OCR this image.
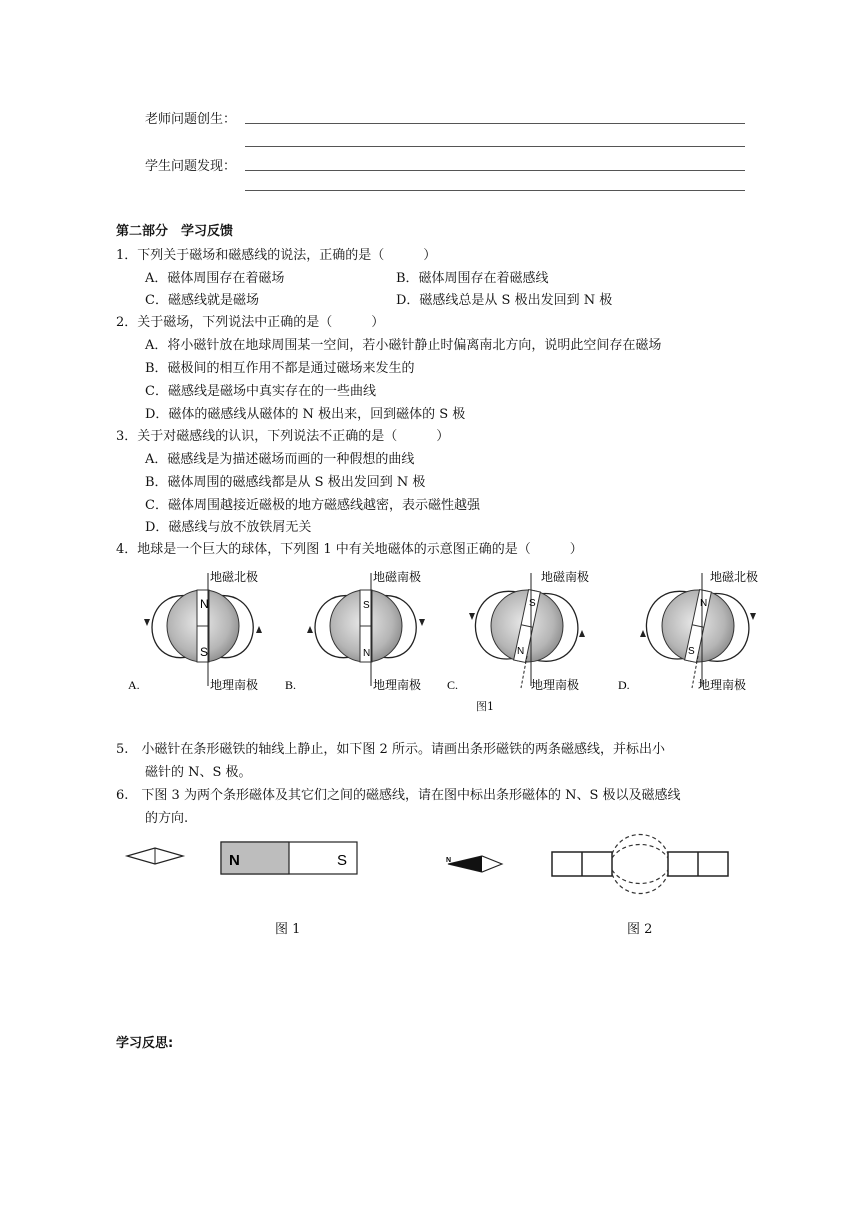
老师问题创生：
学生问题发现：
第二部分　学习反馈
1．下列关于磁场和磁感线的说法，正确的是（　　　）
A．磁体周围存在着磁场	B．磁体周围存在着磁感线
C．磁感线就是磁场	D．磁感线总是从 S 极出发回到 N 极
2．关于磁场，下列说法中正确的是（　　　）
A．将小磁针放在地球周围某一空间，若小磁针静止时偏离南北方向，说明此空间存在磁场
B．磁极间的相互作用不都是通过磁场来发生的
C．磁感线是磁场中真实存在的一些曲线
D．磁体的磁感线从磁体的 N 极出来，回到磁体的 S 极
3．关于对磁感线的认识，下列说法不正确的是（　　　）
A．磁感线是为描述磁场而画的一种假想的曲线
B．磁体周围的磁感线都是从 S 极出发回到 N 极
C．磁体周围越接近磁极的地方磁感线越密，表示磁性越强
D．磁感线与放不放铁屑无关
4．地球是一个巨大的球体，下列图 1 中有关地磁体的示意图正确的是（　　　）
N
S
地磁北极
地理南极
A.
S
N
地磁南极
地理南极
B.
S
N
地磁南极
地理南极
C.
N
S
地磁北极
地理南极
D.
图1
5.　小磁针在条形磁铁的轴线上静止，如下图 2 所示。请画出条形磁铁的两条磁感线，并标出小
磁针的 N、S 极。
6.　下图 3 为两个条形磁体及其它们之间的磁感线，请在图中标出条形磁体的 N、S 极以及磁感线
的方向.
N	S
图 1
N
图 2
学习反思:
